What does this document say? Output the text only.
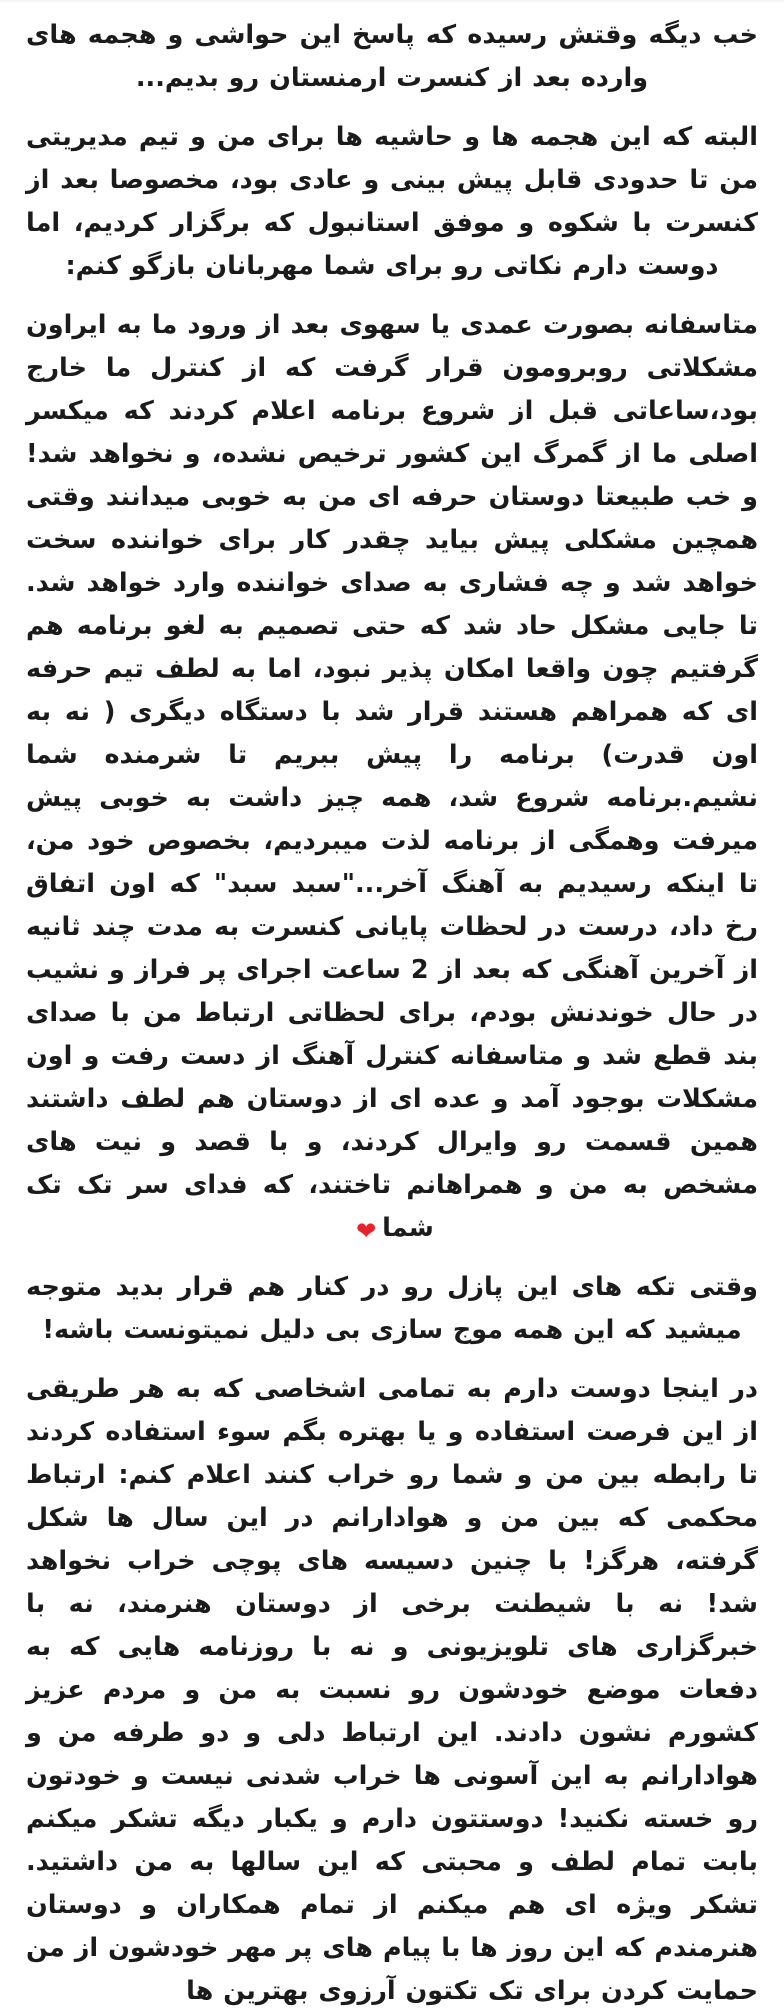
خب دیگه وقتش رسیده که پاسخ این حواشی و هجمه های وارده بعد از کنسرت ارمنستان رو بدیم...

البته که این هجمه ها و حاشیه ها برای من و تیم مدیریتی من تا حدودی قابل پیش بینی و عادی بود، مخصوصا بعد از کنسرت با شکوه و موفق استانبول که برگزار کردیم، اما دوست دارم نکاتی رو برای شما مهربانان بازگو کنم:

متاسفانه بصورت عمدی یا سهوی بعد از ورود ما به ایراون مشکلاتی روبرومون قرار گرفت که از کنترل ما خارج بود،ساعاتی قبل از شروع برنامه اعلام کردند که میکسر اصلی ما از گمرگ این کشور ترخیص نشده، و نخواهد شد! و خب طبیعتا دوستان حرفه ای من به خوبی میدانند وقتی همچین مشکلی پیش بیاید چقدر کار برای خواننده سخت خواهد شد و چه فشاری به صدای خواننده وارد خواهد شد. تا جایی مشکل حاد شد که حتی تصمیم به لغو برنامه هم گرفتیم چون واقعا امکان پذیر نبود، اما به لطف تیم حرفه ای که همراهم هستند قرار شد با دستگاه دیگری ( نه به اون قدرت) برنامه را پیش ببریم تا شرمنده شما نشیم.برنامه شروع شد، همه چیز داشت به خوبی پیش میرفت وهمگی از برنامه لذت میبردیم، بخصوص خود من، تا اینکه رسیدیم به آهنگ آخر..."سبد سبد" که اون اتفاق رخ داد، درست در لحظات پایانی کنسرت به مدت چند ثانیه از آخرین آهنگی که بعد از 2 ساعت اجرای پر فراز و نشیب در حال خوندنش بودم، برای لحظاتی ارتباط من با صدای بند قطع شد و متاسفانه کنترل آهنگ از دست رفت و اون مشکلات بوجود آمد و عده ای از دوستان هم لطف داشتند همین قسمت رو وایرال کردند، و با قصد و نیت های مشخص به من و همراهانم تاختند، که فدای سر تک تک شما❤

وقتی تکه های این پازل رو در کنار هم قرار بدید متوجه میشید که این همه موج سازی بی دلیل نمیتونست باشه!

در اینجا دوست دارم به تمامی اشخاصی که به هر طریقی از این فرصت استفاده و یا بهتره بگم سوء استفاده کردند تا رابطه بین من و شما رو خراب کنند اعلام کنم: ارتباط محکمی که بین من و هوادارانم در این سال ها شکل گرفته، هرگز! با چنین دسیسه های پوچی خراب نخواهد شد! نه با شیطنت برخی از دوستان هنرمند، نه با خبرگزاری های تلویزیونی و نه با روزنامه هایی که به دفعات موضع خودشون رو نسبت به من و مردم عزیز کشورم نشون دادند. این ارتباط دلی و دو طرفه من و هوادارانم به این آسونی ها خراب شدنی نیست و خودتون رو خسته نکنید! دوستتون دارم و یکبار دیگه تشکر میکنم بابت تمام لطف و محبتی که این سالها به من داشتید. تشکر ویژه ای هم میکنم از تمام همکاران و دوستان هنرمندم که این روز ها با پیام های پر مهر خودشون از من حمایت کردن برای تک تکتون آرزوی بهترین ها
